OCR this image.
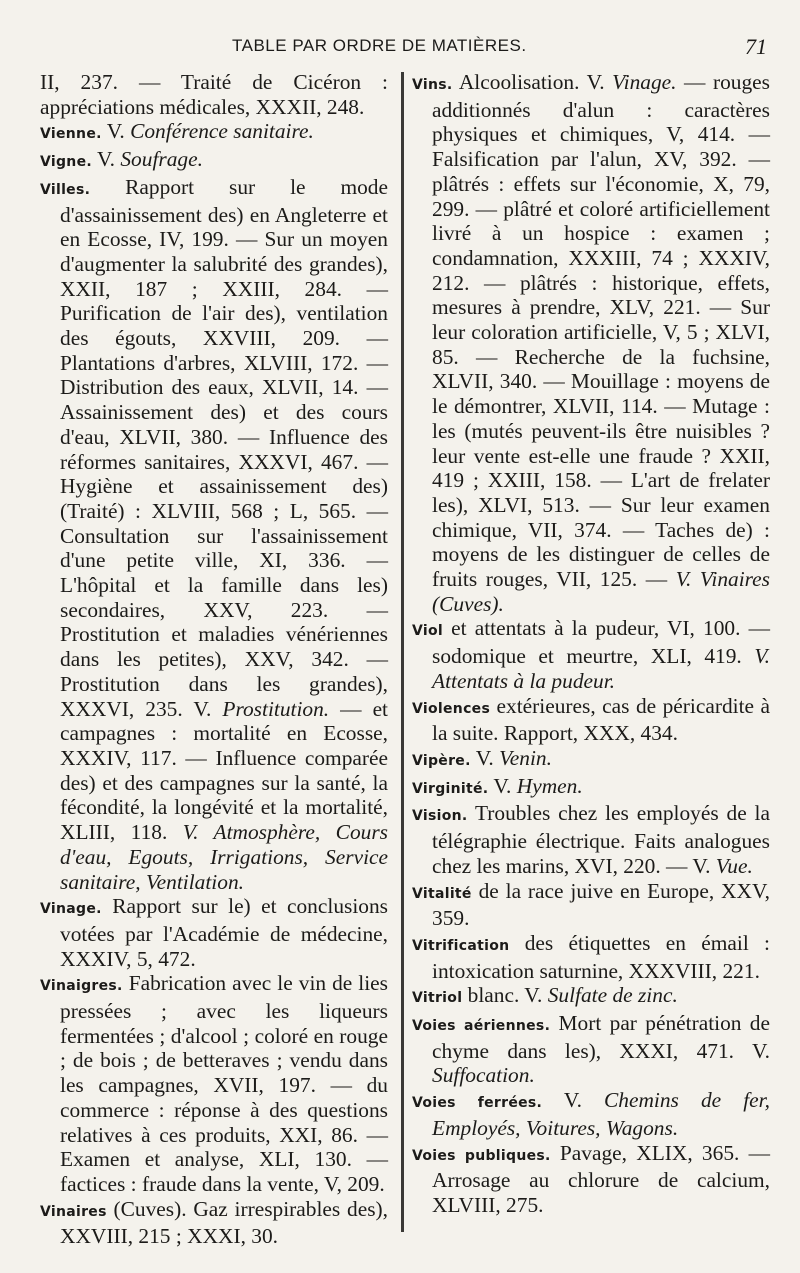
TABLE PAR ORDRE DE MATIÈRES.	71

II, 237. — Traité de Cicéron : appréciations médicales, XXXII, 248.

Vienne. V. Conférence sanitaire.

Vigne. V. Soufrage.

Villes. Rapport sur le mode d'assainissement des) en Angleterre et en Ecosse, IV, 199. — Sur un moyen d'augmenter la salubrité des grandes), XXII, 187 ; XXIII, 284. — Purification de l'air des), ventilation des égouts, XXVIII, 209. — Plantations d'arbres, XLVIII, 172. — Distribution des eaux, XLVII, 14. — Assainissement des) et des cours d'eau, XLVII, 380. — Influence des réformes sanitaires, XXXVI, 467. — Hygiène et assainissement des) (Traité) : XLVIII, 568 ; L, 565. — Consultation sur l'assainissement d'une petite ville, XI, 336. — L'hôpital et la famille dans les) secondaires, XXV, 223. — Prostitution et maladies vénériennes dans les petites), XXV, 342. — Prostitution dans les grandes), XXXVI, 235. V. Prostitution. — et campagnes : mortalité en Ecosse, XXXIV, 117. — Influence comparée des) et des campagnes sur la santé, la fécondité, la longévité et la mortalité, XLIII, 118. V. Atmosphère, Cours d'eau, Egouts, Irrigations, Service sanitaire, Ventilation.

Vinage. Rapport sur le) et conclusions votées par l'Académie de médecine, XXXIV, 5, 472.

Vinaigres. Fabrication avec le vin de lies pressées ; avec les liqueurs fermentées ; d'alcool ; coloré en rouge ; de bois ; de betteraves ; vendu dans les campagnes, XVII, 197. — du commerce : réponse à des questions relatives à ces produits, XXI, 86. — Examen et analyse, XLI, 130. — factices : fraude dans la vente, V, 209.

Vinaires (Cuves). Gaz irrespirables des), XXVIII, 215 ; XXXI, 30.

Vins. Alcoolisation. V. Vinage. — rouges additionnés d'alun : caractères physiques et chimiques, V, 414. — Falsification par l'alun, XV, 392. — plâtrés : effets sur l'économie, X, 79, 299. — plâtré et coloré artificiellement livré à un hospice : examen ; condamnation, XXXIII, 74 ; XXXIV, 212. — plâtrés : historique, effets, mesures à prendre, XLV, 221. — Sur leur coloration artificielle, V, 5 ; XLVI, 85. — Recherche de la fuchsine, XLVII, 340. — Mouillage : moyens de le démontrer, XLVII, 114. — Mutage : les (mutés peuvent-ils être nuisibles ? leur vente est-elle une fraude ? XXII, 419 ; XXIII, 158. — L'art de frelater les), XLVI, 513. — Sur leur examen chimique, VII, 374. — Taches de) : moyens de les distinguer de celles de fruits rouges, VII, 125. — V. Vinaires (Cuves).

Viol et attentats à la pudeur, VI, 100. — sodomique et meurtre, XLI, 419. V. Attentats à la pudeur.

Violences extérieures, cas de péricardite à la suite. Rapport, XXX, 434.

Vipère. V. Venin.

Virginité. V. Hymen.

Vision. Troubles chez les employés de la télégraphie électrique. Faits analogues chez les marins, XVI, 220. — V. Vue.

Vitalité de la race juive en Europe, XXV, 359.

Vitrification des étiquettes en émail : intoxication saturnine, XXXVIII, 221.

Vitriol blanc. V. Sulfate de zinc.

Voies aériennes. Mort par pénétration de chyme dans les), XXXI, 471. V. Suffocation.

Voies ferrées. V. Chemins de fer, Employés, Voitures, Wagons.

Voies publiques. Pavage, XLIX, 365. — Arrosage au chlorure de calcium, XLVIII, 275.
